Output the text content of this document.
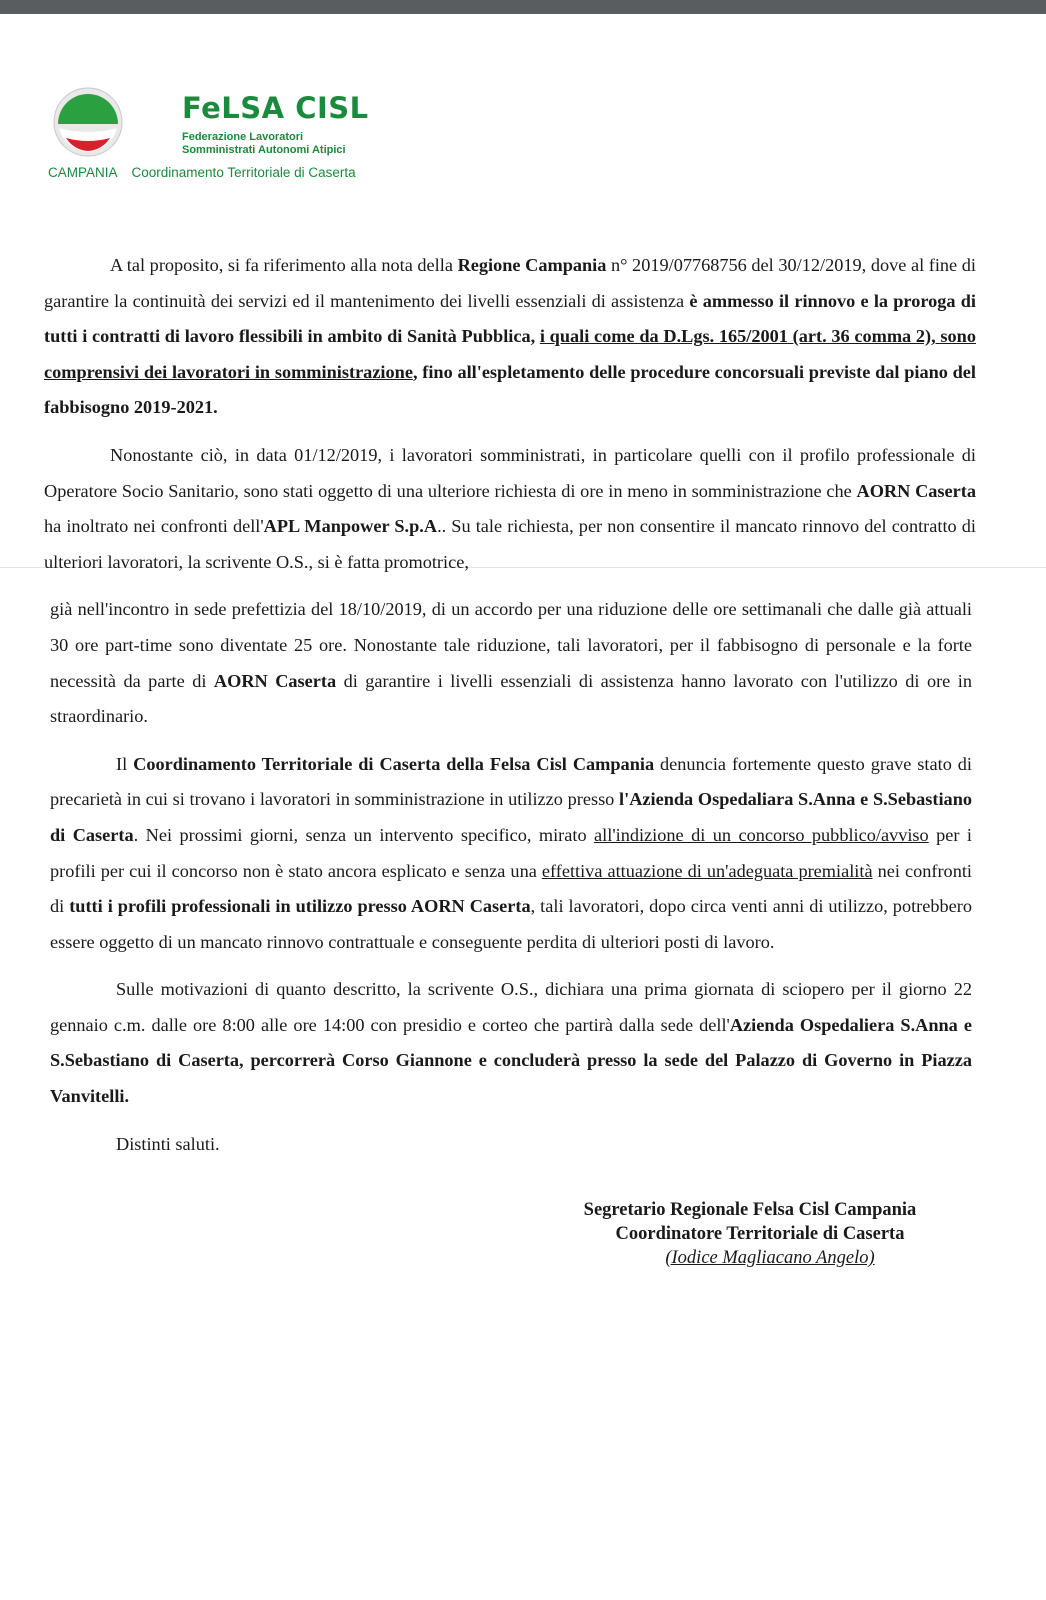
FeLSA CISL

Federazione Lavoratori
Somministrati Autonomi Atipici
CAMPANIA Coordinamento Territoriale di Caserta

A tal proposito, si fa riferimento alla nota della Regione Campania n° 2019/07768756 del 30/12/2019, dove al fine di garantire la continuità dei servizi ed il mantenimento dei livelli essenziali di assistenza è ammesso il rinnovo e la proroga di tutti i contratti di lavoro flessibili in ambito di Sanità Pubblica, i quali come da D.Lgs. 165/2001 (art. 36 comma 2), sono comprensivi dei lavoratori in somministrazione, fino all'espletamento delle procedure concorsuali previste dal piano del fabbisogno 2019-2021.

Nonostante ciò, in data 01/12/2019, i lavoratori somministrati, in particolare quelli con il profilo professionale di Operatore Socio Sanitario, sono stati oggetto di una ulteriore richiesta di ore in meno in somministrazione che AORN Caserta ha inoltrato nei confronti dell'APL Manpower S.p.A.. Su tale richiesta, per non consentire il mancato rinnovo del contratto di ulteriori lavoratori, la scrivente O.S., si è fatta promotrice,

già nell'incontro in sede prefettizia del 18/10/2019, di un accordo per una riduzione delle ore settimanali che dalle già attuali 30 ore part-time sono diventate 25 ore. Nonostante tale riduzione, tali lavoratori, per il fabbisogno di personale e la forte necessità da parte di AORN Caserta di garantire i livelli essenziali di assistenza hanno lavorato con l'utilizzo di ore in straordinario.

Il Coordinamento Territoriale di Caserta della Felsa Cisl Campania denuncia fortemente questo grave stato di precarietà in cui si trovano i lavoratori in somministrazione in utilizzo presso l'Azienda Ospedaliara S.Anna e S.Sebastiano di Caserta. Nei prossimi giorni, senza un intervento specifico, mirato all'indizione di un concorso pubblico/avviso per i profili per cui il concorso non è stato ancora esplicato e senza una effettiva attuazione di un'adeguata premialità nei confronti di tutti i profili professionali in utilizzo presso AORN Caserta, tali lavoratori, dopo circa venti anni di utilizzo, potrebbero essere oggetto di un mancato rinnovo contrattuale e conseguente perdita di ulteriori posti di lavoro.

Sulle motivazioni di quanto descritto, la scrivente O.S., dichiara una prima giornata di sciopero per il giorno 22 gennaio c.m. dalle ore 8:00 alle ore 14:00 con presidio e corteo che partirà dalla sede dell'Azienda Ospedaliera S.Anna e S.Sebastiano di Caserta, percorrerà Corso Giannone e concluderà presso la sede del Palazzo di Governo in Piazza Vanvitelli.

Distinti saluti.

Segretario Regionale Felsa Cisl Campania
Coordinatore Territoriale di Caserta
(Iodice Magliacano Angelo)
